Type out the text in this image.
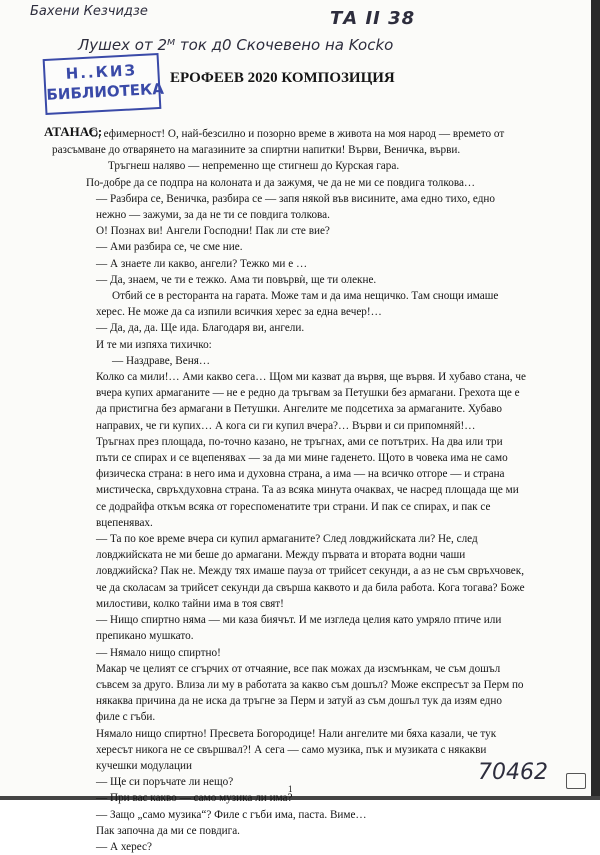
Бахени Кезчидзе	ТА II 38
Лушех от 2ᴹ ток д0 Скочевено на Kocko
Н..КИЗ
БИБЛИОТЕКА
ЕРОФЕЕВ 2020 КОМПОЗИЦИЯ
АТАНАС:

О, ефимерност! О, най-безсилно и позорно време в живота на моя народ — времето от

разсъмване до отварянето на магазините за спиртни напитки! Върви, Веничка, върви.

Тръгнеш наляво — непременно ще стигнеш до Курская гара.

По-добре да се подпра на колоната и да зажумя, че да не ми се повдига толкова…

— Разбира се, Веничка, разбира се — запя някой във висините, ама едно тихо, едно нежно — зажуми, за да не ти се повдига толкова.

О! Познах ви! Ангели Господни! Пак ли сте вие?

— Ами разбира се, че сме ние.

— А знаете ли какво, ангели? Тежко ми е …

— Да, знаем, че ти е тежко. Ама ти повървѝ, ще ти олекне.

Отбий се в ресторанта на гарата. Може там и да има нещичко. Там снощи имаше херес. Не може да са изпили всичкия херес за една вечер!…

— Да, да, да. Ще ида. Благодаря ви, ангели.

И те ми изпяха тихичко:

— Наздраве, Веня…

Колко са мили!… Ами какво сега… Щом ми казват да вървя, ще вървя. И хубаво стана, че вчера купих армаганите — не е редно да тръгвам за Петушки без армагани. Грехота ще е да пристигна без армагани в Петушки. Ангелите ме подсетиха за армаганите. Хубаво направих, че ги купих… А кога си ги купил вчера?… Върви и си припомняй!…

Тръгнах през площада, по-точно казано, не тръгнах, ами се потътрих. На два или три пъти се спирах и се вцепенявах — за да ми мине гаденето. Щото в човека има не само физическа страна: в него има и духовна страна, а има — на всичко отгоре — и страна мистическа, свръхдуховна страна. Та аз всяка минута очаквах, че насред площада ще ми се додрайфа откъм всяка от гореспоменатите три страни. И пак се спирах, и пак се вцепенявах.

— Та по кое време вчера си купил армаганите? След ловджийската ли? Не, след ловджийската не ми беше до армагани. Между първата и втората водни чаши ловджийска? Пак не. Между тях имаше пауза от трийсет секунди, а аз не съм свръхчовек, че да сколасам за трийсет секунди да свърша каквото и да била работа. Кога тогава? Боже милостиви, колко тайни има в тоя свят!

— Нищо спиртно няма — ми каза биячът. И ме изгледа целия като умряло птиче или препикано мушкато.

— Нямало нищо спиртно!

Макар че целият се сгърчих от отчаяние, все пак можах да изсмънкам, че съм дошъл съвсем за друго. Влиза ли му в работата за какво съм дошъл? Може експресът за Перм по някаква причина да не иска да тръгне за Перм и затуй аз съм дошъл тук да изям едно филе с гъби.

Нямало нищо спиртно! Пресвета Богородице! Нали ангелите ми бяха казали, че тук хересът никога не се свършвал?! А сега — само музика, пък и музиката с някакви кучешки модулации

— Ще си поръчате ли нещо?

— При вас какво — само музика ли има?

— Защо „само музика“? Филе с гъби има, паста. Виме…

Пак започна да ми се повдига.

— А херес?

1
70462
